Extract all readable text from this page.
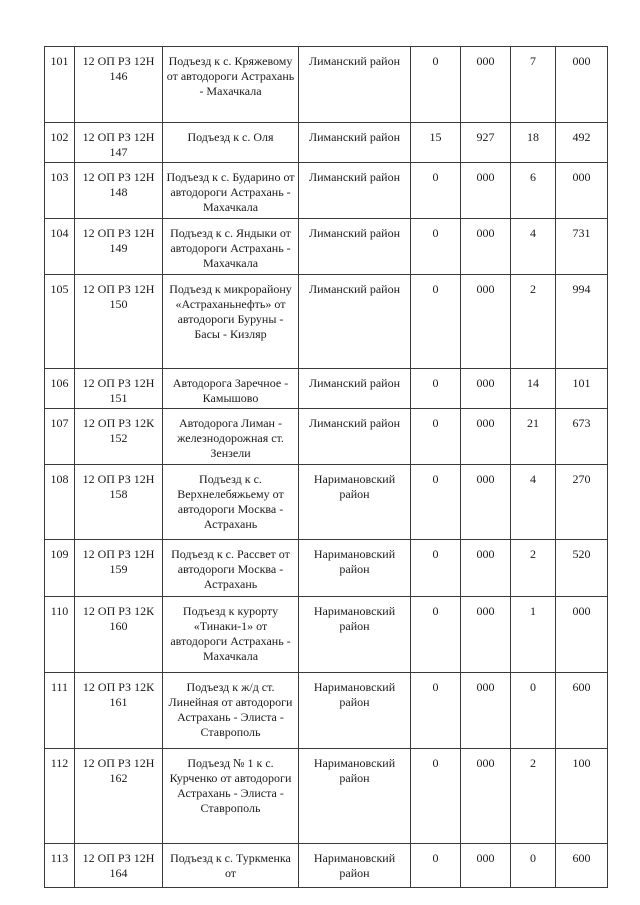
101	12 ОП РЗ 12Н 146	Подъезд к с. Кряжевому от автодороги Астрахань - Махачкала	Лиманский район	0	000	7	000
102	12 ОП РЗ 12Н 147	Подъезд к с. Оля	Лиманский район	15	927	18	492
103	12 ОП РЗ 12Н 148	Подъезд к с. Бударино от автодороги Астрахань - Махачкала	Лиманский район	0	000	6	000
104	12 ОП РЗ 12Н 149	Подъезд к с. Яндыки от автодороги Астрахань - Махачкала	Лиманский район	0	000	4	731
105	12 ОП РЗ 12Н 150	Подъезд к микрорайону «Астраханьнефть» от автодороги Буруны - Басы - Кизляр	Лиманский район	0	000	2	994
106	12 ОП РЗ 12Н 151	Автодорога Заречное - Камышово	Лиманский район	0	000	14	101
107	12 ОП РЗ 12К 152	Автодорога Лиман - железнодорожная ст. Зензели	Лиманский район	0	000	21	673
108	12 ОП РЗ 12Н 158	Подъезд к с. Верхнелебяжьему от автодороги Москва - Астрахань	Наримановский район	0	000	4	270
109	12 ОП РЗ 12Н 159	Подъезд к с. Рассвет от автодороги Москва - Астрахань	Наримановский район	0	000	2	520
110	12 ОП РЗ 12К 160	Подъезд к курорту «Тинаки-1» от автодороги Астрахань - Махачкала	Наримановский район	0	000	1	000
111	12 ОП РЗ 12К 161	Подъезд к ж/д ст. Линейная от автодороги Астрахань - Элиста - Ставрополь	Наримановский район	0	000	0	600
112	12 ОП РЗ 12Н 162	Подъезд № 1 к с. Курченко от автодороги Астрахань - Элиста - Ставрополь	Наримановский район	0	000	2	100
113	12 ОП РЗ 12Н 164	Подъезд к с. Туркменка от	Наримановский район	0	000	0	600
